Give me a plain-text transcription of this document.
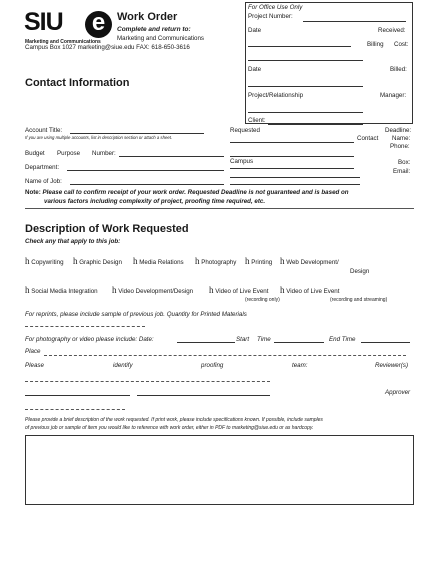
SIU e
Marketing and Communications
Work Order
Complete and return to:
Marketing and Communications
Campus Box 1027 marketing@siue.edu FAX: 618-650-3616
For Office Use Only
Project Number:
Date	Received:
Billing Cost:
Date	Billed:
Project/Relationship	Manager:
Client:
Contact Information
Account Title:
If you are using multiple accounts, list in description section or attach a sheet.
Budget Purpose Number:
Department:
Name of Job:
Requested	Deadline:
Contact Name:
Phone:
Campus	Box:
Email:
Note: Please call to confirm receipt of your work order. Requested Deadline is not guaranteed and is based on
various factors including complexity of project, proofing time required, etc.
Description of Work Requested
Check any that apply to this job:
h Copywriting h Graphic Design h Media Relations h Photography h Printing h Web Development/
Design
h Social Media Integration h Video Development/Design h Video of Live Event h Video of Live Event
(recording only)	(recording and streaming)
For reprints, please include sample of previous job. Quantity for Printed Materials
For photography or video please include: Date:	Start Time	End Time
Place
Please	identify	proofing	team:	Reviewer(s)
Approver
Please provide a brief description of the work requested. If print work, please include specifications known. If possible, include samples
of previous job or sample of item you would like to reference with work order, either in PDF to marketing@siue.edu or as hardcopy.
